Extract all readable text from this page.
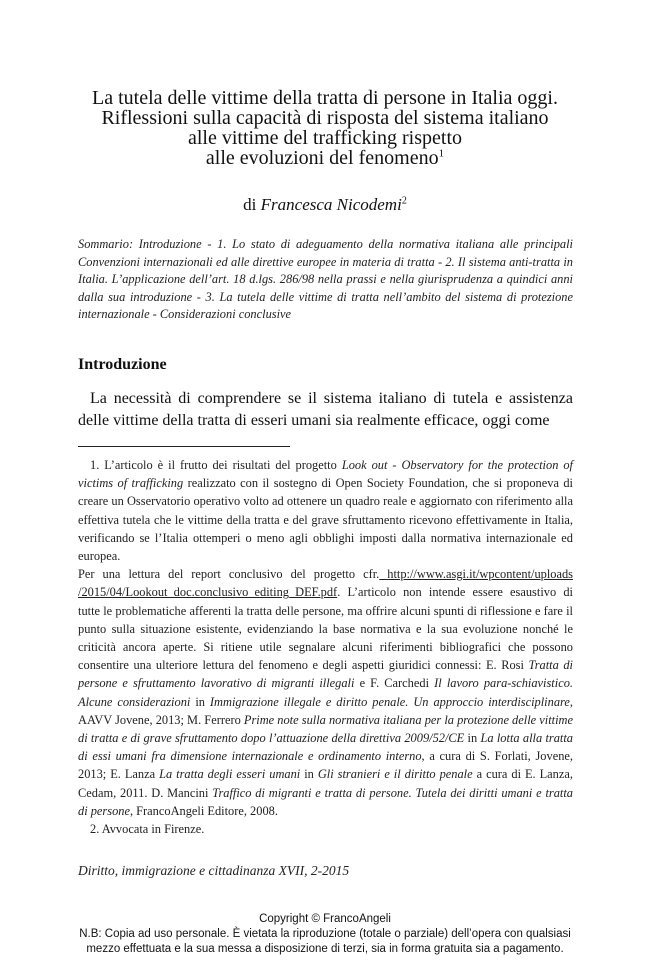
La tutela delle vittime della tratta di persone in Italia oggi.
Riflessioni sulla capacità di risposta del sistema italiano
alle vittime del trafficking rispetto
alle evoluzioni del fenomeno$^1$
di Francesca Nicodemi$^2$
Sommario: Introduzione - 1. Lo stato di adeguamento della normativa italiana alle principali Convenzioni internazionali ed alle direttive europee in materia di tratta - 2. Il sistema anti-tratta in Italia. L’applicazione dell’art. 18 d.lgs. 286/98 nella prassi e nella giurisprudenza a quindici anni dalla sua introduzione - 3. La tutela delle vittime di tratta nell’ambito del sistema di protezione internazionale - Considerazioni conclusive
Introduzione
La necessità di comprendere se il sistema italiano di tutela e assistenza delle vittime della tratta di esseri umani sia realmente efficace, oggi come

1. L’articolo è il frutto dei risultati del progetto Look out - Observatory for the protection of victims of trafficking realizzato con il sostegno di Open Society Foundation, che si proponeva di creare un Osservatorio operativo volto ad ottenere un quadro reale e aggiornato con riferimento alla effettiva tutela che le vittime della tratta e del grave sfruttamento ricevono effettivamente in Italia, verificando se l’Italia ottemperi o meno agli obblighi imposti dalla normativa internazionale ed europea.

Per una lettura del report conclusivo del progetto cfr. http://www.asgi.it/wpcontent/uploads /2015/04/Lookout_doc.conclusivo_editing_DEF.pdf. L’articolo non intende essere esaustivo di tutte le problematiche afferenti la tratta delle persone, ma offrire alcuni spunti di riflessione e fare il punto sulla situazione esistente, evidenziando la base normativa e la sua evoluzione nonché le criticità ancora aperte. Si ritiene utile segnalare alcuni riferimenti bibliografici che possono consentire una ulteriore lettura del fenomeno e degli aspetti giuridici connessi: E. Rosi Tratta di persone e sfruttamento lavorativo di migranti illegali e F. Carchedi Il lavoro para-schiavistico. Alcune considerazioni in Immigrazione illegale e diritto penale. Un approccio interdisciplinare, AAVV Jovene, 2013; M. Ferrero Prime note sulla normativa italiana per la protezione delle vittime di tratta e di grave sfruttamento dopo l’attuazione della direttiva 2009/52/CE in La lotta alla tratta di essi umani fra dimensione internazionale e ordinamento interno, a cura di S. Forlati, Jovene, 2013; E. Lanza La tratta degli esseri umani in Gli stranieri e il diritto penale a cura di E. Lanza, Cedam, 2011. D. Mancini Traffico di migranti e tratta di persone. Tutela dei diritti umani e tratta di persone, FrancoAngeli Editore, 2008.

2. Avvocata in Firenze.

Diritto, immigrazione e cittadinanza XVII, 2-2015
Copyright © FrancoAngeli
N.B: Copia ad uso personale. È vietata la riproduzione (totale o parziale) dell’opera con qualsiasi
mezzo effettuata e la sua messa a disposizione di terzi, sia in forma gratuita sia a pagamento.
